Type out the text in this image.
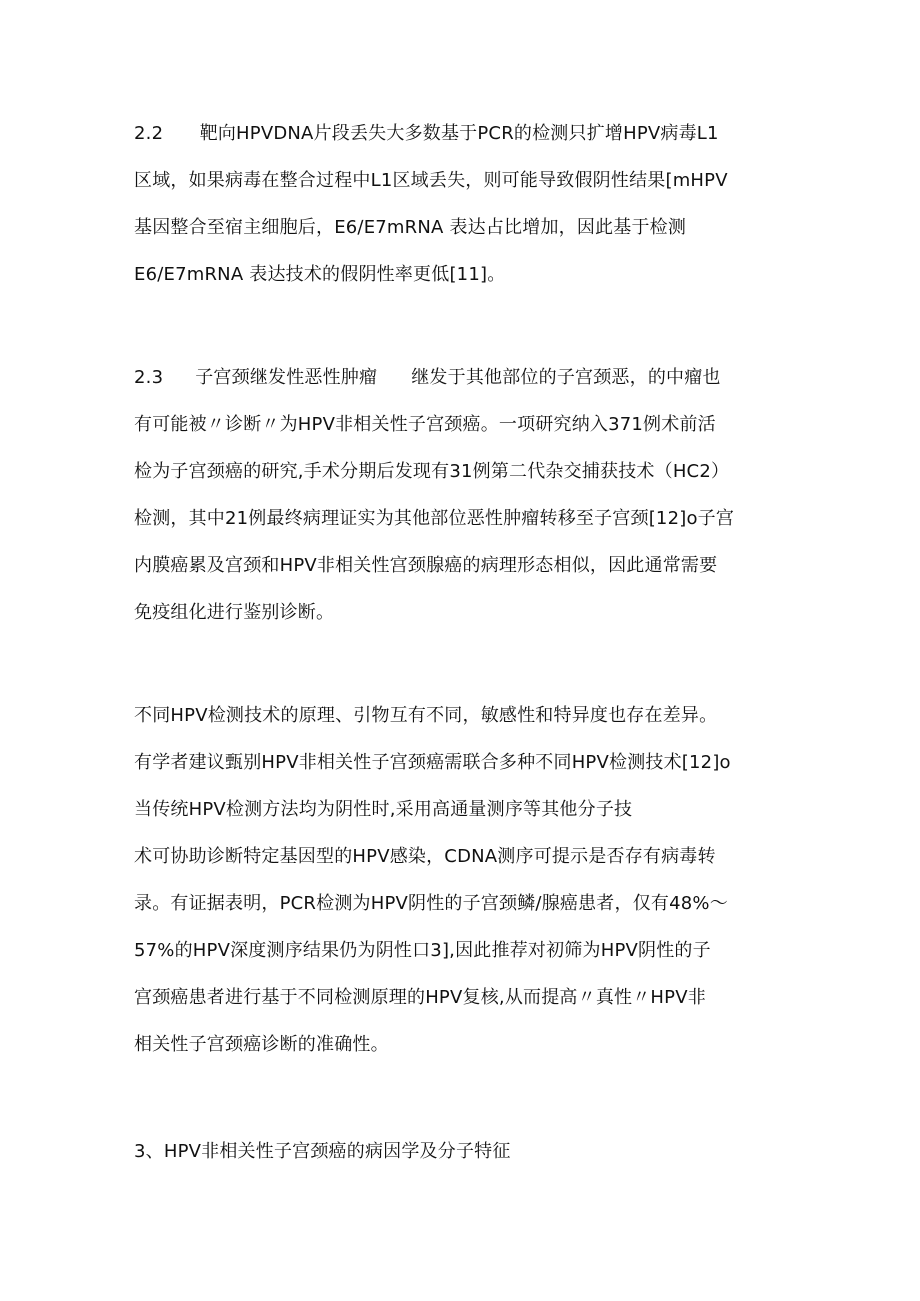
2.2　　靶向HPVDNA片段丢失大多数基于PCR的检测只扩增HPV病毒L1
区域，如果病毒在整合过程中L1区域丢失，则可能导致假阴性结果[mHPV
基因整合至宿主细胞后，E6∕E7mRNA 表达占比增加，因此基于检测
E6∕E7mRNA 表达技术的假阴性率更低[11]。
2.3 子宫颈继发性恶性肿瘤 继发于其他部位的子宫颈恶，的中瘤也
有可能被〃诊断〃为HPV非相关性子宫颈癌。一项研究纳入371例术前活
检为子宫颈癌的研究,手术分期后发现有31例第二代杂交捕获技术（HC2）
检测，其中21例最终病理证实为其他部位恶性肿瘤转移至子宫颈[12]o子宫
内膜癌累及宫颈和HPV非相关性宫颈腺癌的病理形态相似，因此通常需要
免疫组化进行鉴别诊断。
不同HPV检测技术的原理、引物互有不同，敏感性和特异度也存在差异。
有学者建议甄别HPV非相关性子宫颈癌需联合多种不同HPV检测技术[12]o
当传统HPV检测方法均为阴性时,采用高通量测序等其他分子技
术可协助诊断特定基因型的HPV感染，CDNA测序可提示是否存有病毒转
录。有证据表明，PCR检测为HPV阴性的子宫颈鳞/腺癌患者，仅有48%〜
57%的HPV深度测序结果仍为阴性口3],因此推荐对初筛为HPV阴性的子
宫颈癌患者进行基于不同检测原理的HPV复核,从而提高〃真性〃HPV非
相关性子宫颈癌诊断的准确性。
3、HPV非相关性子宫颈癌的病因学及分子特征
